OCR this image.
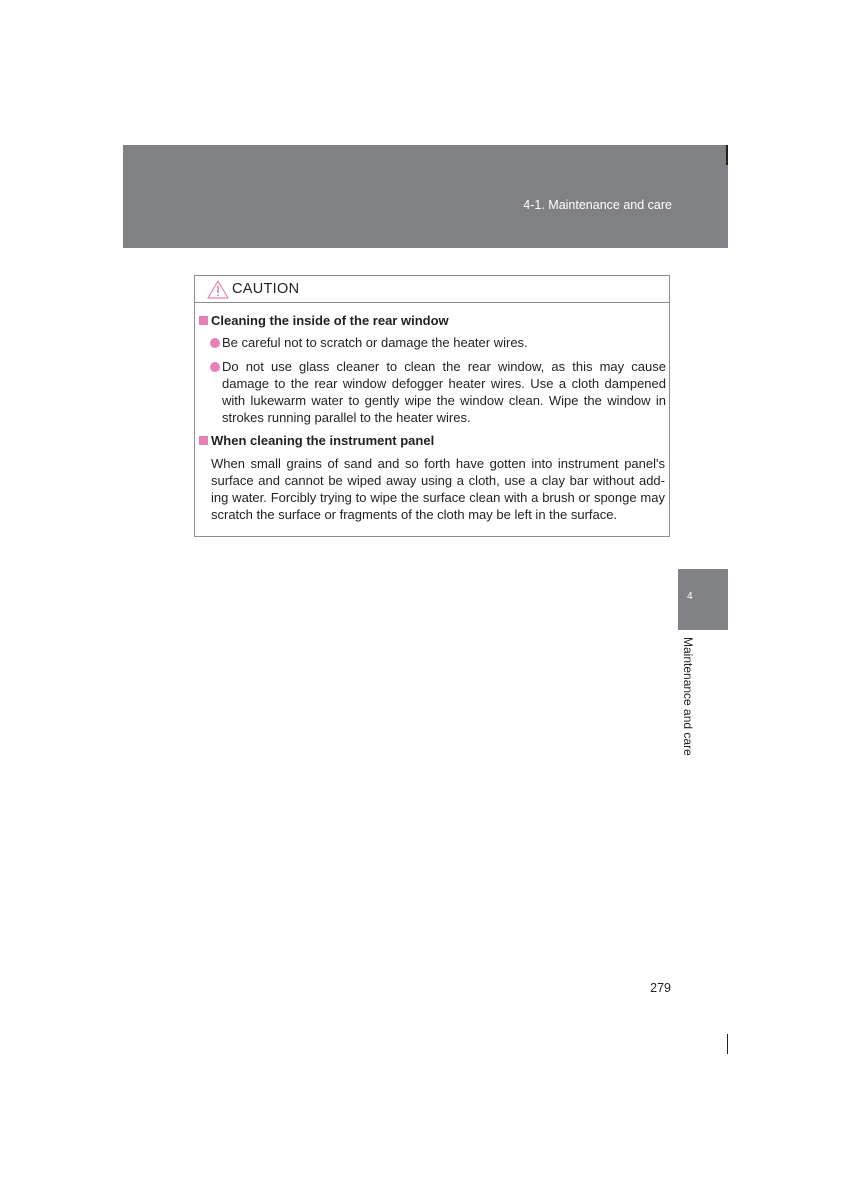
4-1. Maintenance and care
CAUTION
Cleaning the inside of the rear window
Be careful not to scratch or damage the heater wires.
Do not use glass cleaner to clean the rear window, as this may cause damage to the rear window defogger heater wires. Use a cloth dampened with lukewarm water to gently wipe the window clean. Wipe the window in strokes running parallel to the heater wires.
When cleaning the instrument panel
When small grains of sand and so forth have gotten into instrument panel's surface and cannot be wiped away using a cloth, use a clay bar without add- ing water. Forcibly trying to wipe the surface clean with a brush or sponge may scratch the surface or fragments of the cloth may be left in the surface.
4
Maintenance and care
279
